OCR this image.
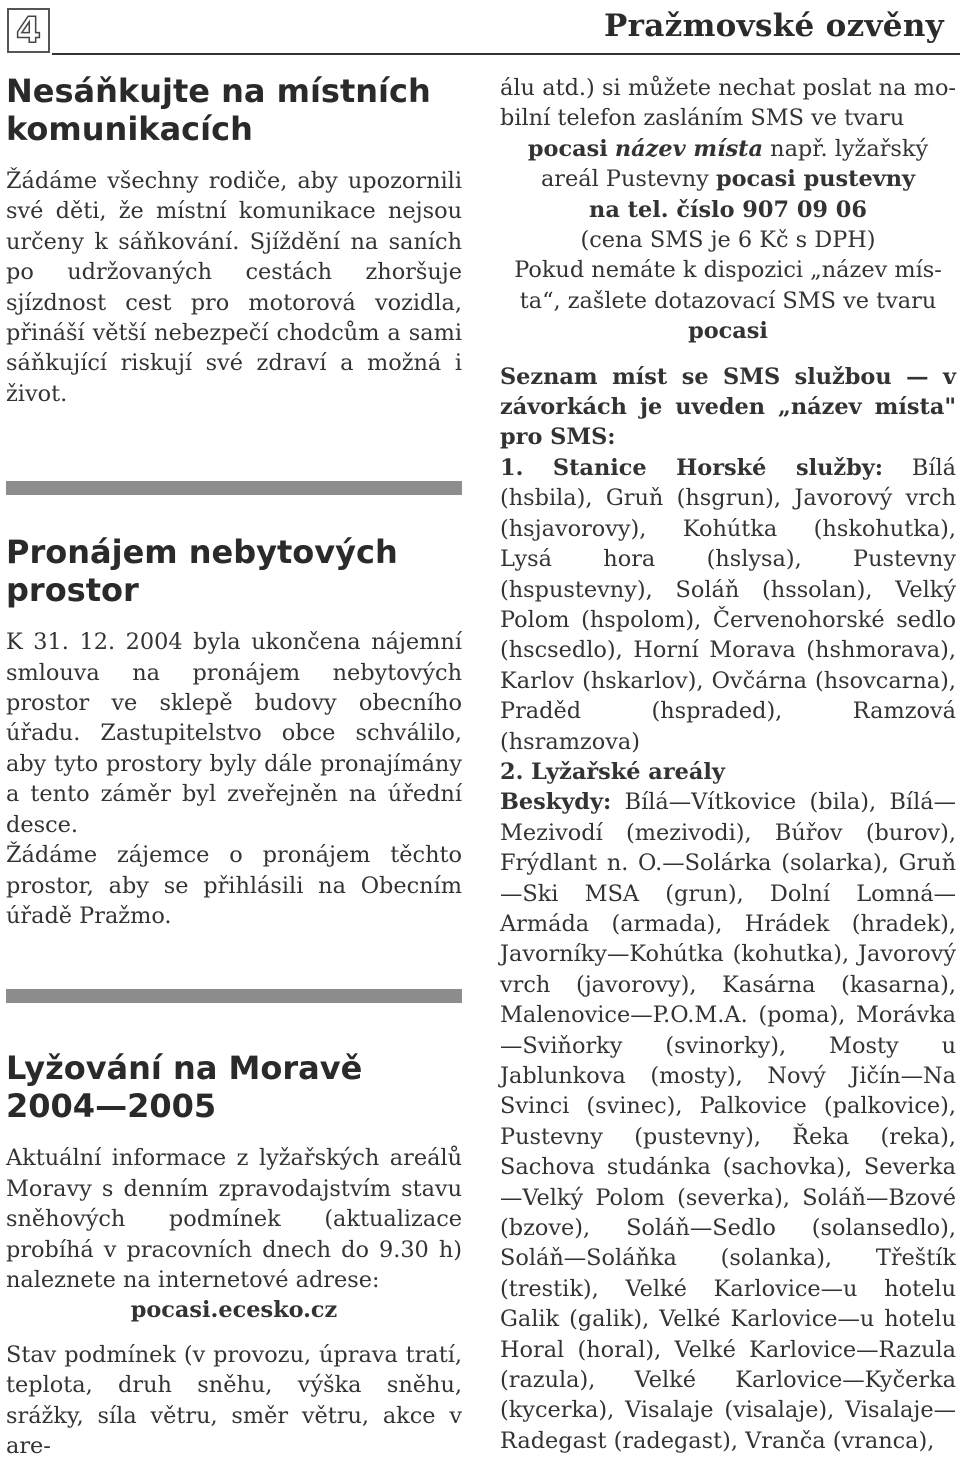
4	Pražmovské ozvěny
Nesáňkujte na místních komunikacích

Žádáme všechny rodiče, aby upozornili své děti, že místní komunikace nejsou určeny k sáňkování. Sjíždění na saních po udržovaných cestách zhoršuje sjízdnost cest pro motorová vozidla, přináší větší nebezpečí chodcům a sami sáňkující riskují své zdraví a možná i život.

Pronájem nebytových prostor

K 31. 12. 2004 byla ukončena nájemní smlouva na pronájem nebytových prostor ve sklepě budovy obecního úřadu. Zastupitelstvo obce schválilo, aby tyto prostory byly dále pronajímány a tento záměr byl zveřejněn na úřední desce.

Žádáme zájemce o pronájem těchto prostor, aby se přihlásili na Obecním úřadě Pražmo.

Lyžování na Moravě
2004—2005

Aktuální informace z lyžařských areálů Moravy s denním zpravodajstvím stavu sněhových podmínek (aktualizace probíhá v pracovních dnech do 9.30 h) naleznete na internetové adrese:

pocasi.ecesko.cz

Stav podmínek (v provozu, úprava tratí, teplota, druh sněhu, výška sněhu, srážky, síla větru, směr větru, akce v are-

álu atd.) si můžete nechat poslat na mo-
bilní telefon zasláním SMS ve tvaru
pocasi název místa např. lyžařský
areál Pustevny pocasi pustevny
na tel. číslo 907 09 06
(cena SMS je 6 Kč s DPH)
Pokud nemáte k dispozici „název mís-
ta“, zašlete dotazovací SMS ve tvaru
pocasi

Seznam míst se SMS službou — v závorkách je uveden „název místa" pro SMS:

1. Stanice Horské služby: Bílá (hsbila), Gruň (hsgrun), Javorový vrch (hsjavorovy), Kohútka (hskohutka), Lysá hora (hslysa), Pustevny (hspustevny), Soláň (hssolan), Velký Polom (hspolom), Červenohorské sedlo (hscsedlo), Horní Morava (hshmorava), Karlov (hskarlov), Ovčárna (hsovcarna), Praděd (hspraded), Ramzová (hsramzova)

2. Lyžařské areály

Beskydy: Bílá—Vítkovice (bila), Bílá—Mezivodí (mezivodi), Búřov (burov), Frýdlant n. O.—Solárka (solarka), Gruň—Ski MSA (grun), Dolní Lomná—Armáda (armada), Hrádek (hradek), Javorníky—Kohútka (kohutka), Javorový vrch (javorovy), Kasárna (kasarna), Malenovice—P.O.M.A. (poma), Morávka—Sviňorky (svinorky), Mosty u Jablunkova (mosty), Nový Jičín—Na Svinci (svinec), Palkovice (palkovice), Pustevny (pustevny), Řeka (reka), Sachova studánka (sachovka), Severka—Velký Polom (severka), Soláň—Bzové (bzove), Soláň—Sedlo (solansedlo), Soláň—Soláňka (solanka), Třeštík (trestik), Velké Karlovice—u hotelu Galik (galik), Velké Karlovice—u hotelu Horal (horal), Velké Karlovice—Razula (razula), Velké Karlovice—Kyčerka (kycerka), Visalaje (visalaje), Visalaje—Radegast (radegast), Vranča (vranca),
